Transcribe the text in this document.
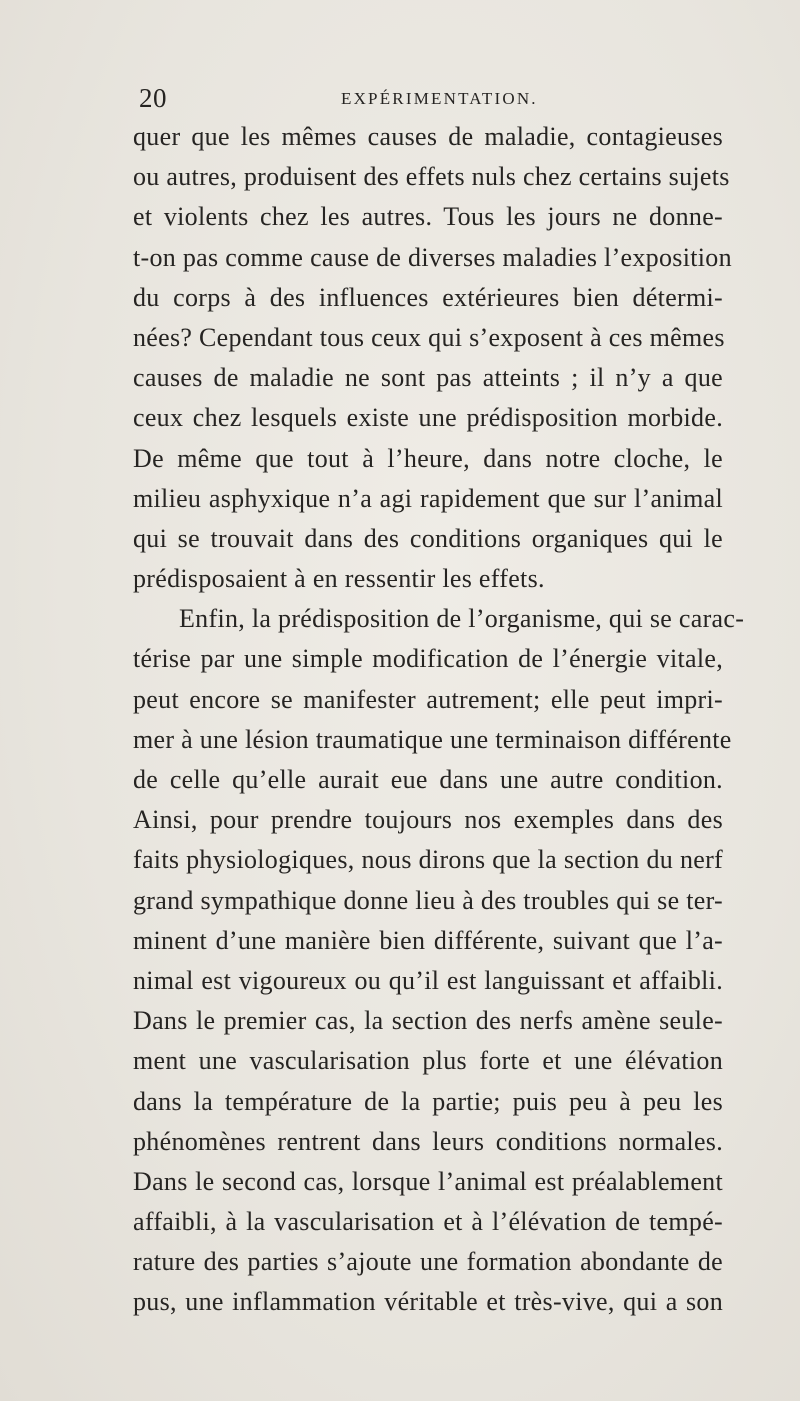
20	EXPÉRIMENTATION.
quer que les mêmes causes de maladie, contagieuses
ou autres, produisent des effets nuls chez certains sujets
et violents chez les autres. Tous les jours ne donne-
t-on pas comme cause de diverses maladies l’exposition
du corps à des influences extérieures bien détermi-
nées? Cependant tous ceux qui s’exposent à ces mêmes
causes de maladie ne sont pas atteints ; il n’y a que
ceux chez lesquels existe une prédisposition morbide.
De même que tout à l’heure, dans notre cloche, le
milieu asphyxique n’a agi rapidement que sur l’animal
qui se trouvait dans des conditions organiques qui le
prédisposaient à en ressentir les effets.
Enfin, la prédisposition de l’organisme, qui se carac-
térise par une simple modification de l’énergie vitale,
peut encore se manifester autrement; elle peut impri-
mer à une lésion traumatique une terminaison différente
de celle qu’elle aurait eue dans une autre condition.
Ainsi, pour prendre toujours nos exemples dans des
faits physiologiques, nous dirons que la section du nerf
grand sympathique donne lieu à des troubles qui se ter-
minent d’une manière bien différente, suivant que l’a-
nimal est vigoureux ou qu’il est languissant et affaibli.
Dans le premier cas, la section des nerfs amène seule-
ment une vascularisation plus forte et une élévation
dans la température de la partie; puis peu à peu les
phénomènes rentrent dans leurs conditions normales.
Dans le second cas, lorsque l’animal est préalablement
affaibli, à la vascularisation et à l’élévation de tempé-
rature des parties s’ajoute une formation abondante de
pus, une inflammation véritable et très-vive, qui a son
